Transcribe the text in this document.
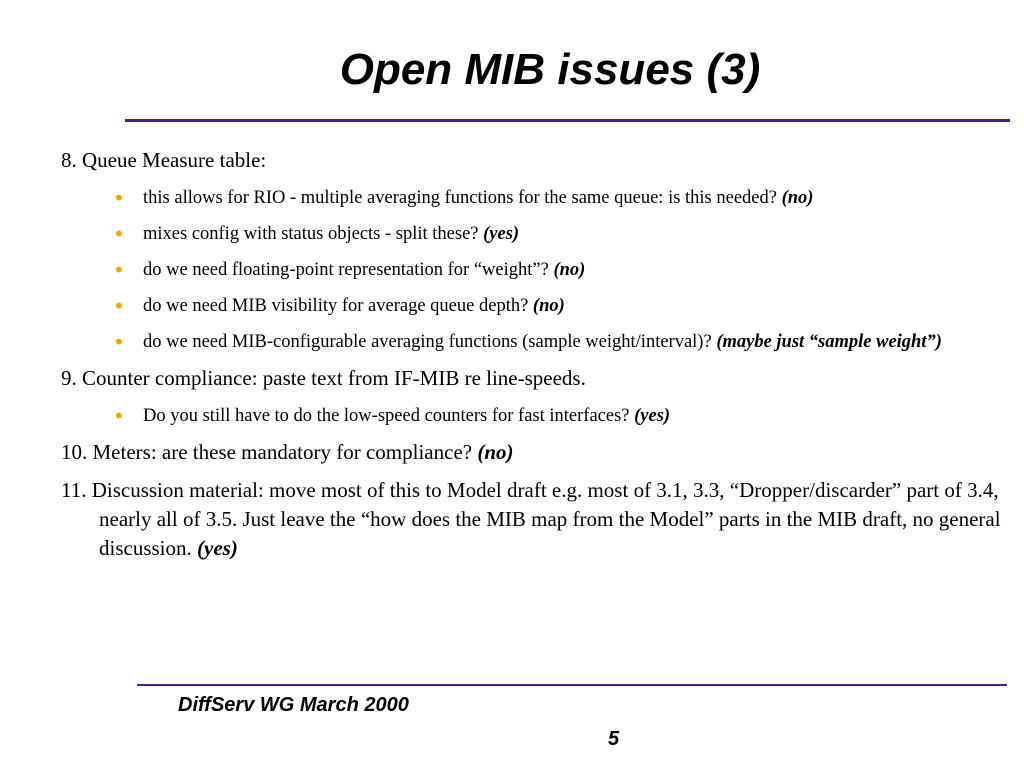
Open MIB issues (3)
8. Queue Measure table:
• this allows for RIO - multiple averaging functions for the same queue: is this needed? (no)
• mixes config with status objects - split these? (yes)
• do we need floating-point representation for “weight”? (no)
• do we need MIB visibility for average queue depth? (no)
• do we need MIB-configurable averaging functions (sample weight/interval)? (maybe just “sample weight”)
9. Counter compliance: paste text from IF-MIB re line-speeds.
• Do you still have to do the low-speed counters for fast interfaces? (yes)
10. Meters: are these mandatory for compliance? (no)
11. Discussion material: move most of this to Model draft e.g. most of 3.1, 3.3, “Dropper/discarder” part of 3.4, nearly all of 3.5. Just leave the “how does the MIB map from the Model” parts in the MIB draft, no general discussion. (yes)
DiffServ WG March 2000
5
